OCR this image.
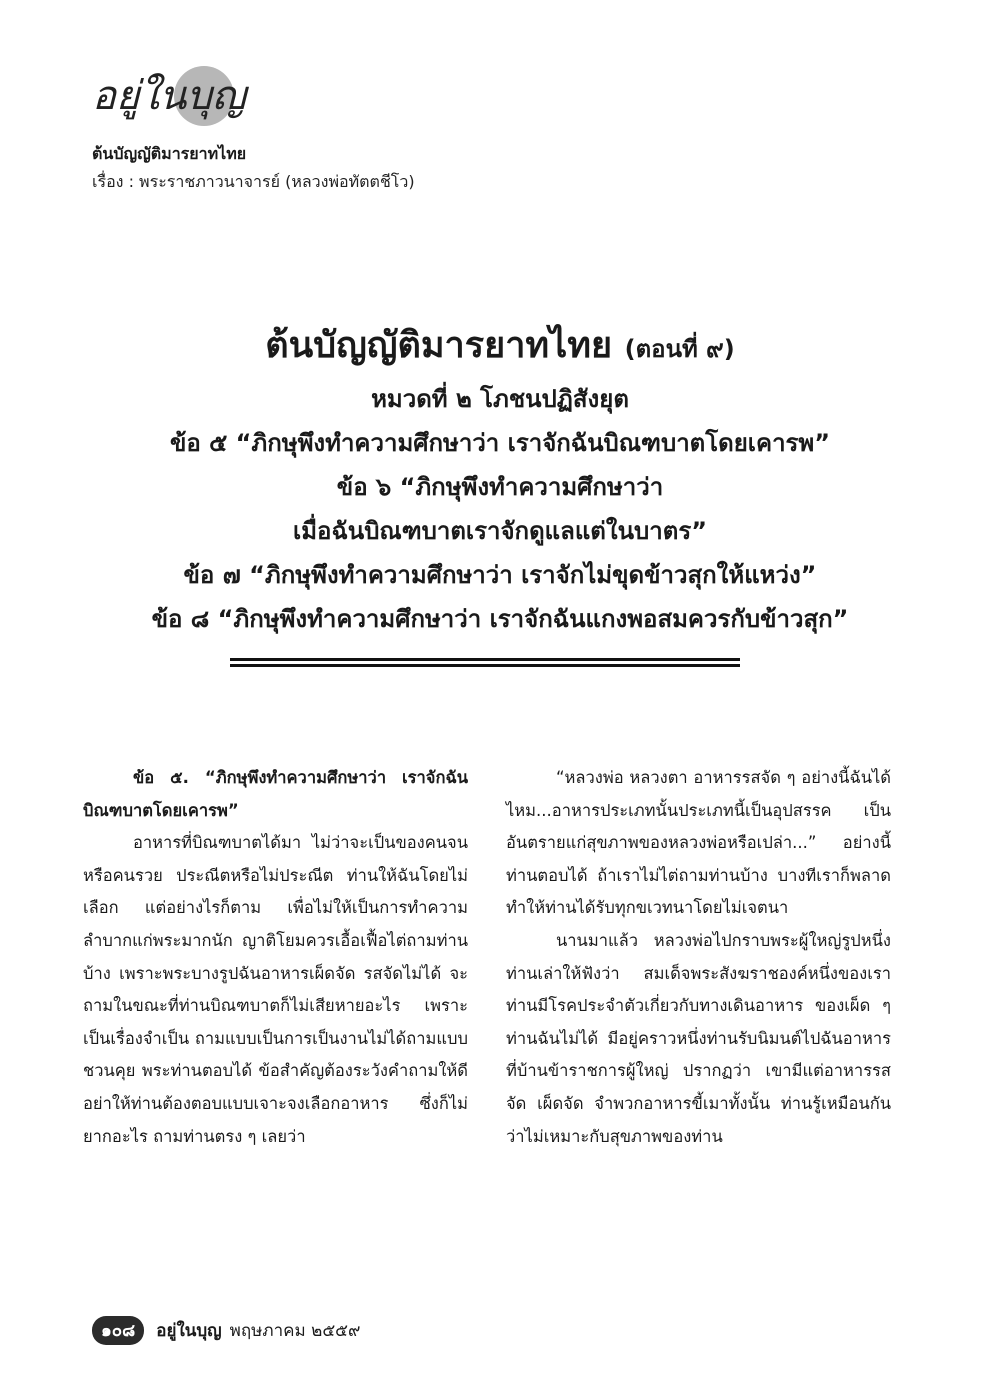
อยู่ในบุญ
ต้นบัญญัติมารยาทไทย
เรื่อง : พระราชภาวนาจารย์ (หลวงพ่อทัตตชีโว)
ต้นบัญญัติมารยาทไทย (ตอนที่ ๙)
หมวดที่ ๒ โภชนปฏิสังยุต
ข้อ ๕ “ภิกษุพึงทำความศึกษาว่า เราจักฉันบิณฑบาตโดยเคารพ”
ข้อ ๖ “ภิกษุพึงทำความศึกษาว่า
เมื่อฉันบิณฑบาตเราจักดูแลแต่ในบาตร”
ข้อ ๗ “ภิกษุพึงทำความศึกษาว่า เราจักไม่ขุดข้าวสุกให้แหว่ง”
ข้อ ๘ “ภิกษุพึงทำความศึกษาว่า เราจักฉันแกงพอสมควรกับข้าวสุก”

ข้อ ๕. “ภิกษุพึงทำความศึกษาว่า เราจักฉันบิณฑบาตโดยเคารพ”

อาหารที่บิณฑบาตได้มา ไม่ว่าจะเป็นของคนจนหรือคนรวย ประณีตหรือไม่ประณีต ท่านให้ฉันโดยไม่เลือก แต่อย่างไรก็ตาม เพื่อไม่ให้เป็นการทำความลำบากแก่พระมากนัก ญาติโยมควรเอื้อเฟื้อไต่ถามท่านบ้าง เพราะพระบางรูปฉันอาหารเผ็ดจัด รสจัดไม่ได้ จะถามในขณะที่ท่านบิณฑบาตก็ไม่เสียหายอะไร เพราะเป็นเรื่องจำเป็น ถามแบบเป็นการเป็นงานไม่ได้ถามแบบชวนคุย พระท่านตอบได้ ข้อสำคัญต้องระวังคำถามให้ดี อย่าให้ท่านต้องตอบแบบเจาะจงเลือกอาหาร ซึ่งก็ไม่ยากอะไร ถามท่านตรง ๆ เลยว่า

“หลวงพ่อ หลวงตา อาหารรสจัด ๆ อย่างนี้ฉันได้ไหม...อาหารประเภทนั้นประเภทนี้เป็นอุปสรรค เป็นอันตรายแก่สุขภาพของหลวงพ่อหรือเปล่า...” อย่างนี้ท่านตอบได้ ถ้าเราไม่ไต่ถามท่านบ้าง บางทีเราก็พลาดทำให้ท่านได้รับทุกขเวทนาโดยไม่เจตนา

นานมาแล้ว หลวงพ่อไปกราบพระผู้ใหญ่รูปหนึ่ง ท่านเล่าให้ฟังว่า สมเด็จพระสังฆราชองค์หนึ่งของเรา ท่านมีโรคประจำตัวเกี่ยวกับทางเดินอาหาร ของเผ็ด ๆ ท่านฉันไม่ได้ มีอยู่คราวหนึ่งท่านรับนิมนต์ไปฉันอาหารที่บ้านข้าราชการผู้ใหญ่ ปรากฏว่า เขามีแต่อาหารรสจัด เผ็ดจัด จำพวกอาหารขี้เมาทั้งนั้น ท่านรู้เหมือนกันว่าไม่เหมาะกับสุขภาพของท่าน

๑๐๘	อยู่ในบุญ พฤษภาคม ๒๕๕๙
